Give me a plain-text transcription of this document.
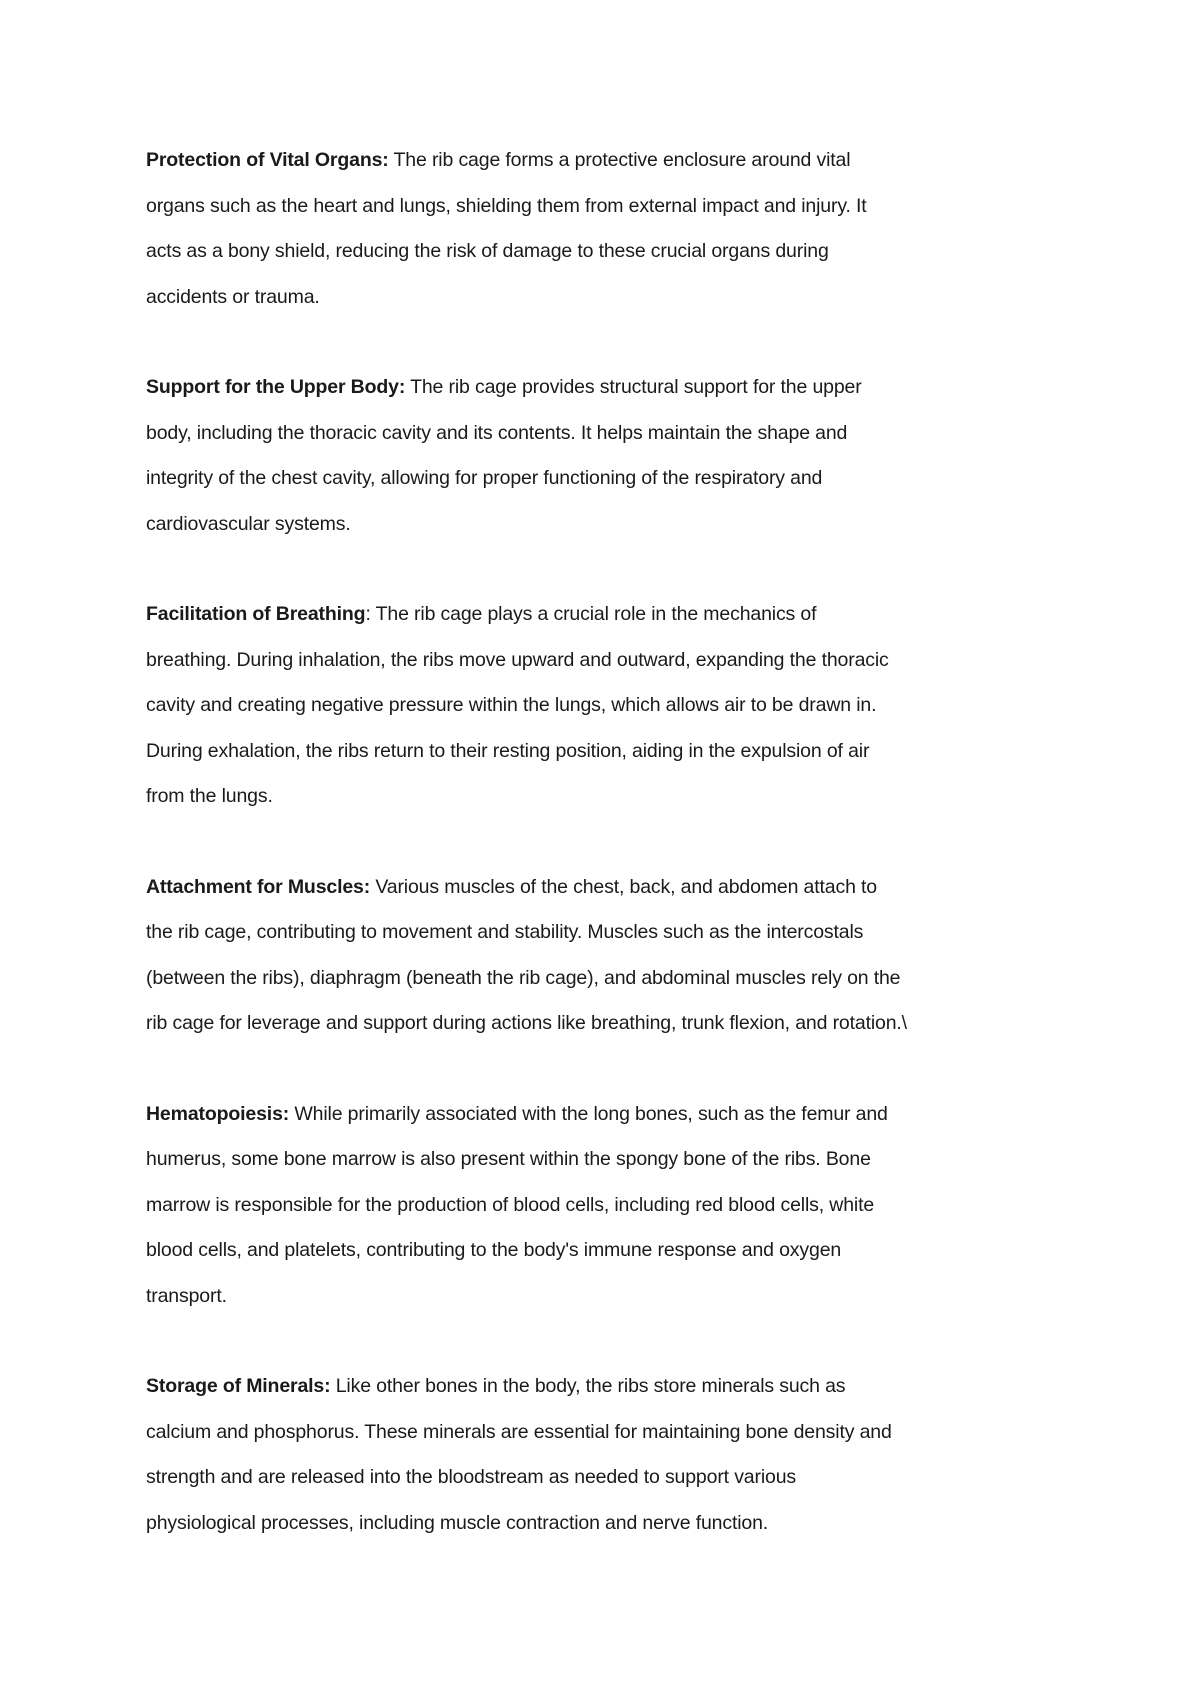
Protection of Vital Organs: The rib cage forms a protective enclosure around vital
organs such as the heart and lungs, shielding them from external impact and injury. It
acts as a bony shield, reducing the risk of damage to these crucial organs during
accidents or trauma.
Support for the Upper Body: The rib cage provides structural support for the upper
body, including the thoracic cavity and its contents. It helps maintain the shape and
integrity of the chest cavity, allowing for proper functioning of the respiratory and
cardiovascular systems.
Facilitation of Breathing: The rib cage plays a crucial role in the mechanics of
breathing. During inhalation, the ribs move upward and outward, expanding the thoracic
cavity and creating negative pressure within the lungs, which allows air to be drawn in.
During exhalation, the ribs return to their resting position, aiding in the expulsion of air
from the lungs.
Attachment for Muscles: Various muscles of the chest, back, and abdomen attach to
the rib cage, contributing to movement and stability. Muscles such as the intercostals
(between the ribs), diaphragm (beneath the rib cage), and abdominal muscles rely on the
rib cage for leverage and support during actions like breathing, trunk flexion, and rotation.\
Hematopoiesis: While primarily associated with the long bones, such as the femur and
humerus, some bone marrow is also present within the spongy bone of the ribs. Bone
marrow is responsible for the production of blood cells, including red blood cells, white
blood cells, and platelets, contributing to the body's immune response and oxygen
transport.
Storage of Minerals: Like other bones in the body, the ribs store minerals such as
calcium and phosphorus. These minerals are essential for maintaining bone density and
strength and are released into the bloodstream as needed to support various
physiological processes, including muscle contraction and nerve function.
